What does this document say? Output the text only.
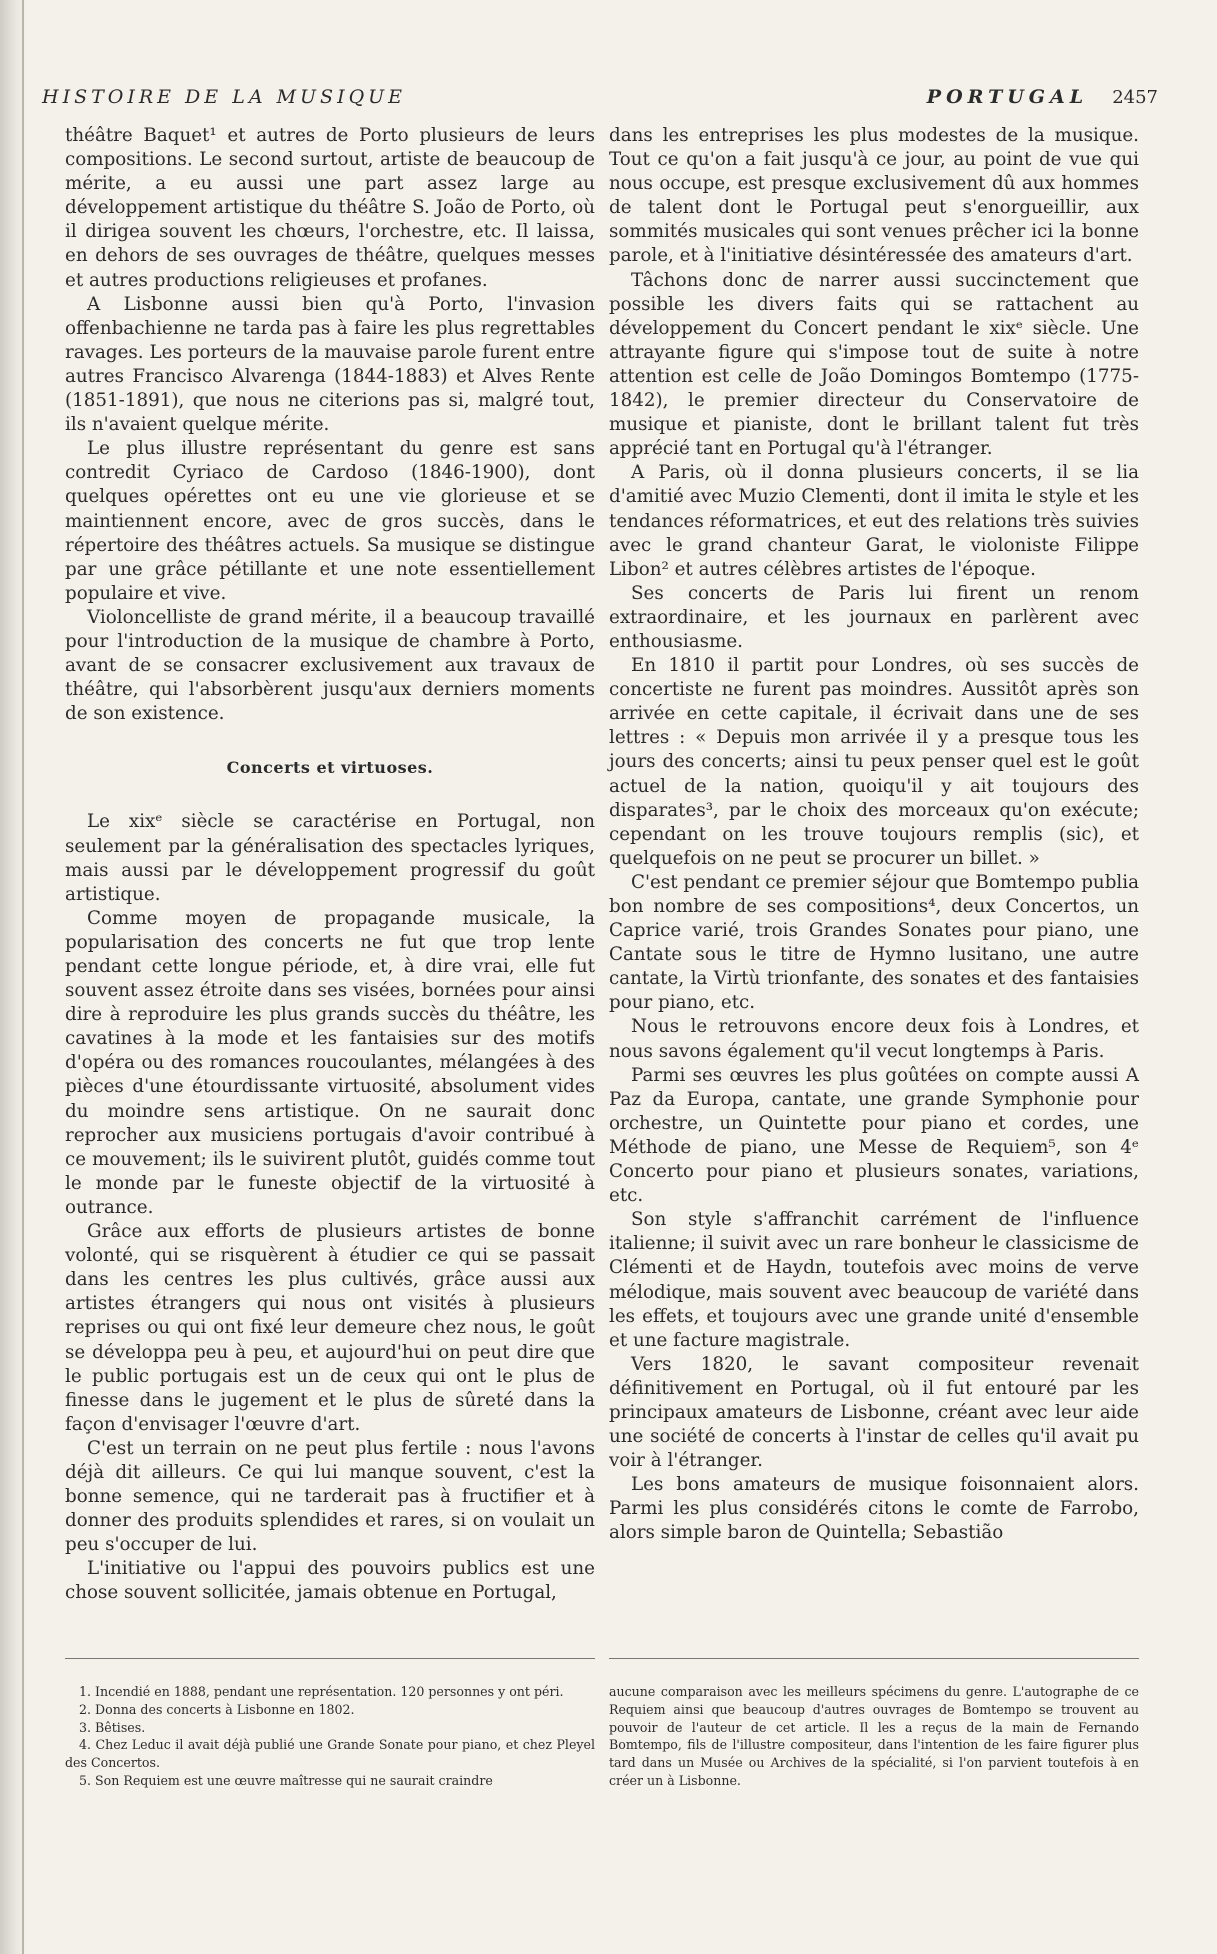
HISTOIRE DE LA MUSIQUE	PORTUGAL 2457

théâtre Baquet¹ et autres de Porto plusieurs de leurs compositions. Le second surtout, artiste de beaucoup de mérite, a eu aussi une part assez large au développement artistique du théâtre S. João de Porto, où il dirigea souvent les chœurs, l'orchestre, etc. Il laissa, en dehors de ses ouvrages de théâtre, quelques messes et autres productions religieuses et profanes.

A Lisbonne aussi bien qu'à Porto, l'invasion offenbachienne ne tarda pas à faire les plus regrettables ravages. Les porteurs de la mauvaise parole furent entre autres Francisco Alvarenga (1844-1883) et Alves Rente (1851-1891), que nous ne citerions pas si, malgré tout, ils n'avaient quelque mérite.

Le plus illustre représentant du genre est sans contredit Cyriaco de Cardoso (1846-1900), dont quelques opérettes ont eu une vie glorieuse et se maintiennent encore, avec de gros succès, dans le répertoire des théâtres actuels. Sa musique se distingue par une grâce pétillante et une note essentiellement populaire et vive.

Violoncelliste de grand mérite, il a beaucoup travaillé pour l'introduction de la musique de chambre à Porto, avant de se consacrer exclusivement aux travaux de théâtre, qui l'absorbèrent jusqu'aux derniers moments de son existence.

Concerts et virtuoses.

Le xixᵉ siècle se caractérise en Portugal, non seulement par la généralisation des spectacles lyriques, mais aussi par le développement progressif du goût artistique.

Comme moyen de propagande musicale, la popularisation des concerts ne fut que trop lente pendant cette longue période, et, à dire vrai, elle fut souvent assez étroite dans ses visées, bornées pour ainsi dire à reproduire les plus grands succès du théâtre, les cavatines à la mode et les fantaisies sur des motifs d'opéra ou des romances roucoulantes, mélangées à des pièces d'une étourdissante virtuosité, absolument vides du moindre sens artistique. On ne saurait donc reprocher aux musiciens portugais d'avoir contribué à ce mouvement; ils le suivirent plutôt, guidés comme tout le monde par le funeste objectif de la virtuosité à outrance.

Grâce aux efforts de plusieurs artistes de bonne volonté, qui se risquèrent à étudier ce qui se passait dans les centres les plus cultivés, grâce aussi aux artistes étrangers qui nous ont visités à plusieurs reprises ou qui ont fixé leur demeure chez nous, le goût se développa peu à peu, et aujourd'hui on peut dire que le public portugais est un de ceux qui ont le plus de finesse dans le jugement et le plus de sûreté dans la façon d'envisager l'œuvre d'art.

C'est un terrain on ne peut plus fertile : nous l'avons déjà dit ailleurs. Ce qui lui manque souvent, c'est la bonne semence, qui ne tarderait pas à fructifier et à donner des produits splendides et rares, si on voulait un peu s'occuper de lui.

L'initiative ou l'appui des pouvoirs publics est une chose souvent sollicitée, jamais obtenue en Portugal,

dans les entreprises les plus modestes de la musique. Tout ce qu'on a fait jusqu'à ce jour, au point de vue qui nous occupe, est presque exclusivement dû aux hommes de talent dont le Portugal peut s'enorgueillir, aux sommités musicales qui sont venues prêcher ici la bonne parole, et à l'initiative désintéressée des amateurs d'art.

Tâchons donc de narrer aussi succinctement que possible les divers faits qui se rattachent au développement du Concert pendant le xixᵉ siècle. Une attrayante figure qui s'impose tout de suite à notre attention est celle de João Domingos Bomtempo (1775-1842), le premier directeur du Conservatoire de musique et pianiste, dont le brillant talent fut très apprécié tant en Portugal qu'à l'étranger.

A Paris, où il donna plusieurs concerts, il se lia d'amitié avec Muzio Clementi, dont il imita le style et les tendances réformatrices, et eut des relations très suivies avec le grand chanteur Garat, le violoniste Filippe Libon² et autres célèbres artistes de l'époque.

Ses concerts de Paris lui firent un renom extraordinaire, et les journaux en parlèrent avec enthousiasme.

En 1810 il partit pour Londres, où ses succès de concertiste ne furent pas moindres. Aussitôt après son arrivée en cette capitale, il écrivait dans une de ses lettres : « Depuis mon arrivée il y a presque tous les jours des concerts; ainsi tu peux penser quel est le goût actuel de la nation, quoiqu'il y ait toujours des disparates³, par le choix des morceaux qu'on exécute; cependant on les trouve toujours remplis (sic), et quelquefois on ne peut se procurer un billet. »

C'est pendant ce premier séjour que Bomtempo publia bon nombre de ses compositions⁴, deux Concertos, un Caprice varié, trois Grandes Sonates pour piano, une Cantate sous le titre de Hymno lusitano, une autre cantate, la Virtù trionfante, des sonates et des fantaisies pour piano, etc.

Nous le retrouvons encore deux fois à Londres, et nous savons également qu'il vecut longtemps à Paris.

Parmi ses œuvres les plus goûtées on compte aussi A Paz da Europa, cantate, une grande Symphonie pour orchestre, un Quintette pour piano et cordes, une Méthode de piano, une Messe de Requiem⁵, son 4ᵉ Concerto pour piano et plusieurs sonates, variations, etc.

Son style s'affranchit carrément de l'influence italienne; il suivit avec un rare bonheur le classicisme de Clémenti et de Haydn, toutefois avec moins de verve mélodique, mais souvent avec beaucoup de variété dans les effets, et toujours avec une grande unité d'ensemble et une facture magistrale.

Vers 1820, le savant compositeur revenait définitivement en Portugal, où il fut entouré par les principaux amateurs de Lisbonne, créant avec leur aide une société de concerts à l'instar de celles qu'il avait pu voir à l'étranger.

Les bons amateurs de musique foisonnaient alors. Parmi les plus considérés citons le comte de Farrobo, alors simple baron de Quintella; Sebastião

1. Incendié en 1888, pendant une représentation. 120 personnes y ont péri.

2. Donna des concerts à Lisbonne en 1802.

3. Bêtises.

4. Chez Leduc il avait déjà publié une Grande Sonate pour piano, et chez Pleyel des Concertos.

5. Son Requiem est une œuvre maîtresse qui ne saurait craindre

aucune comparaison avec les meilleurs spécimens du genre. L'autographe de ce Requiem ainsi que beaucoup d'autres ouvrages de Bomtempo se trouvent au pouvoir de l'auteur de cet article. Il les a reçus de la main de Fernando Bomtempo, fils de l'illustre compositeur, dans l'intention de les faire figurer plus tard dans un Musée ou Archives de la spécialité, si l'on parvient toutefois à en créer un à Lisbonne.
